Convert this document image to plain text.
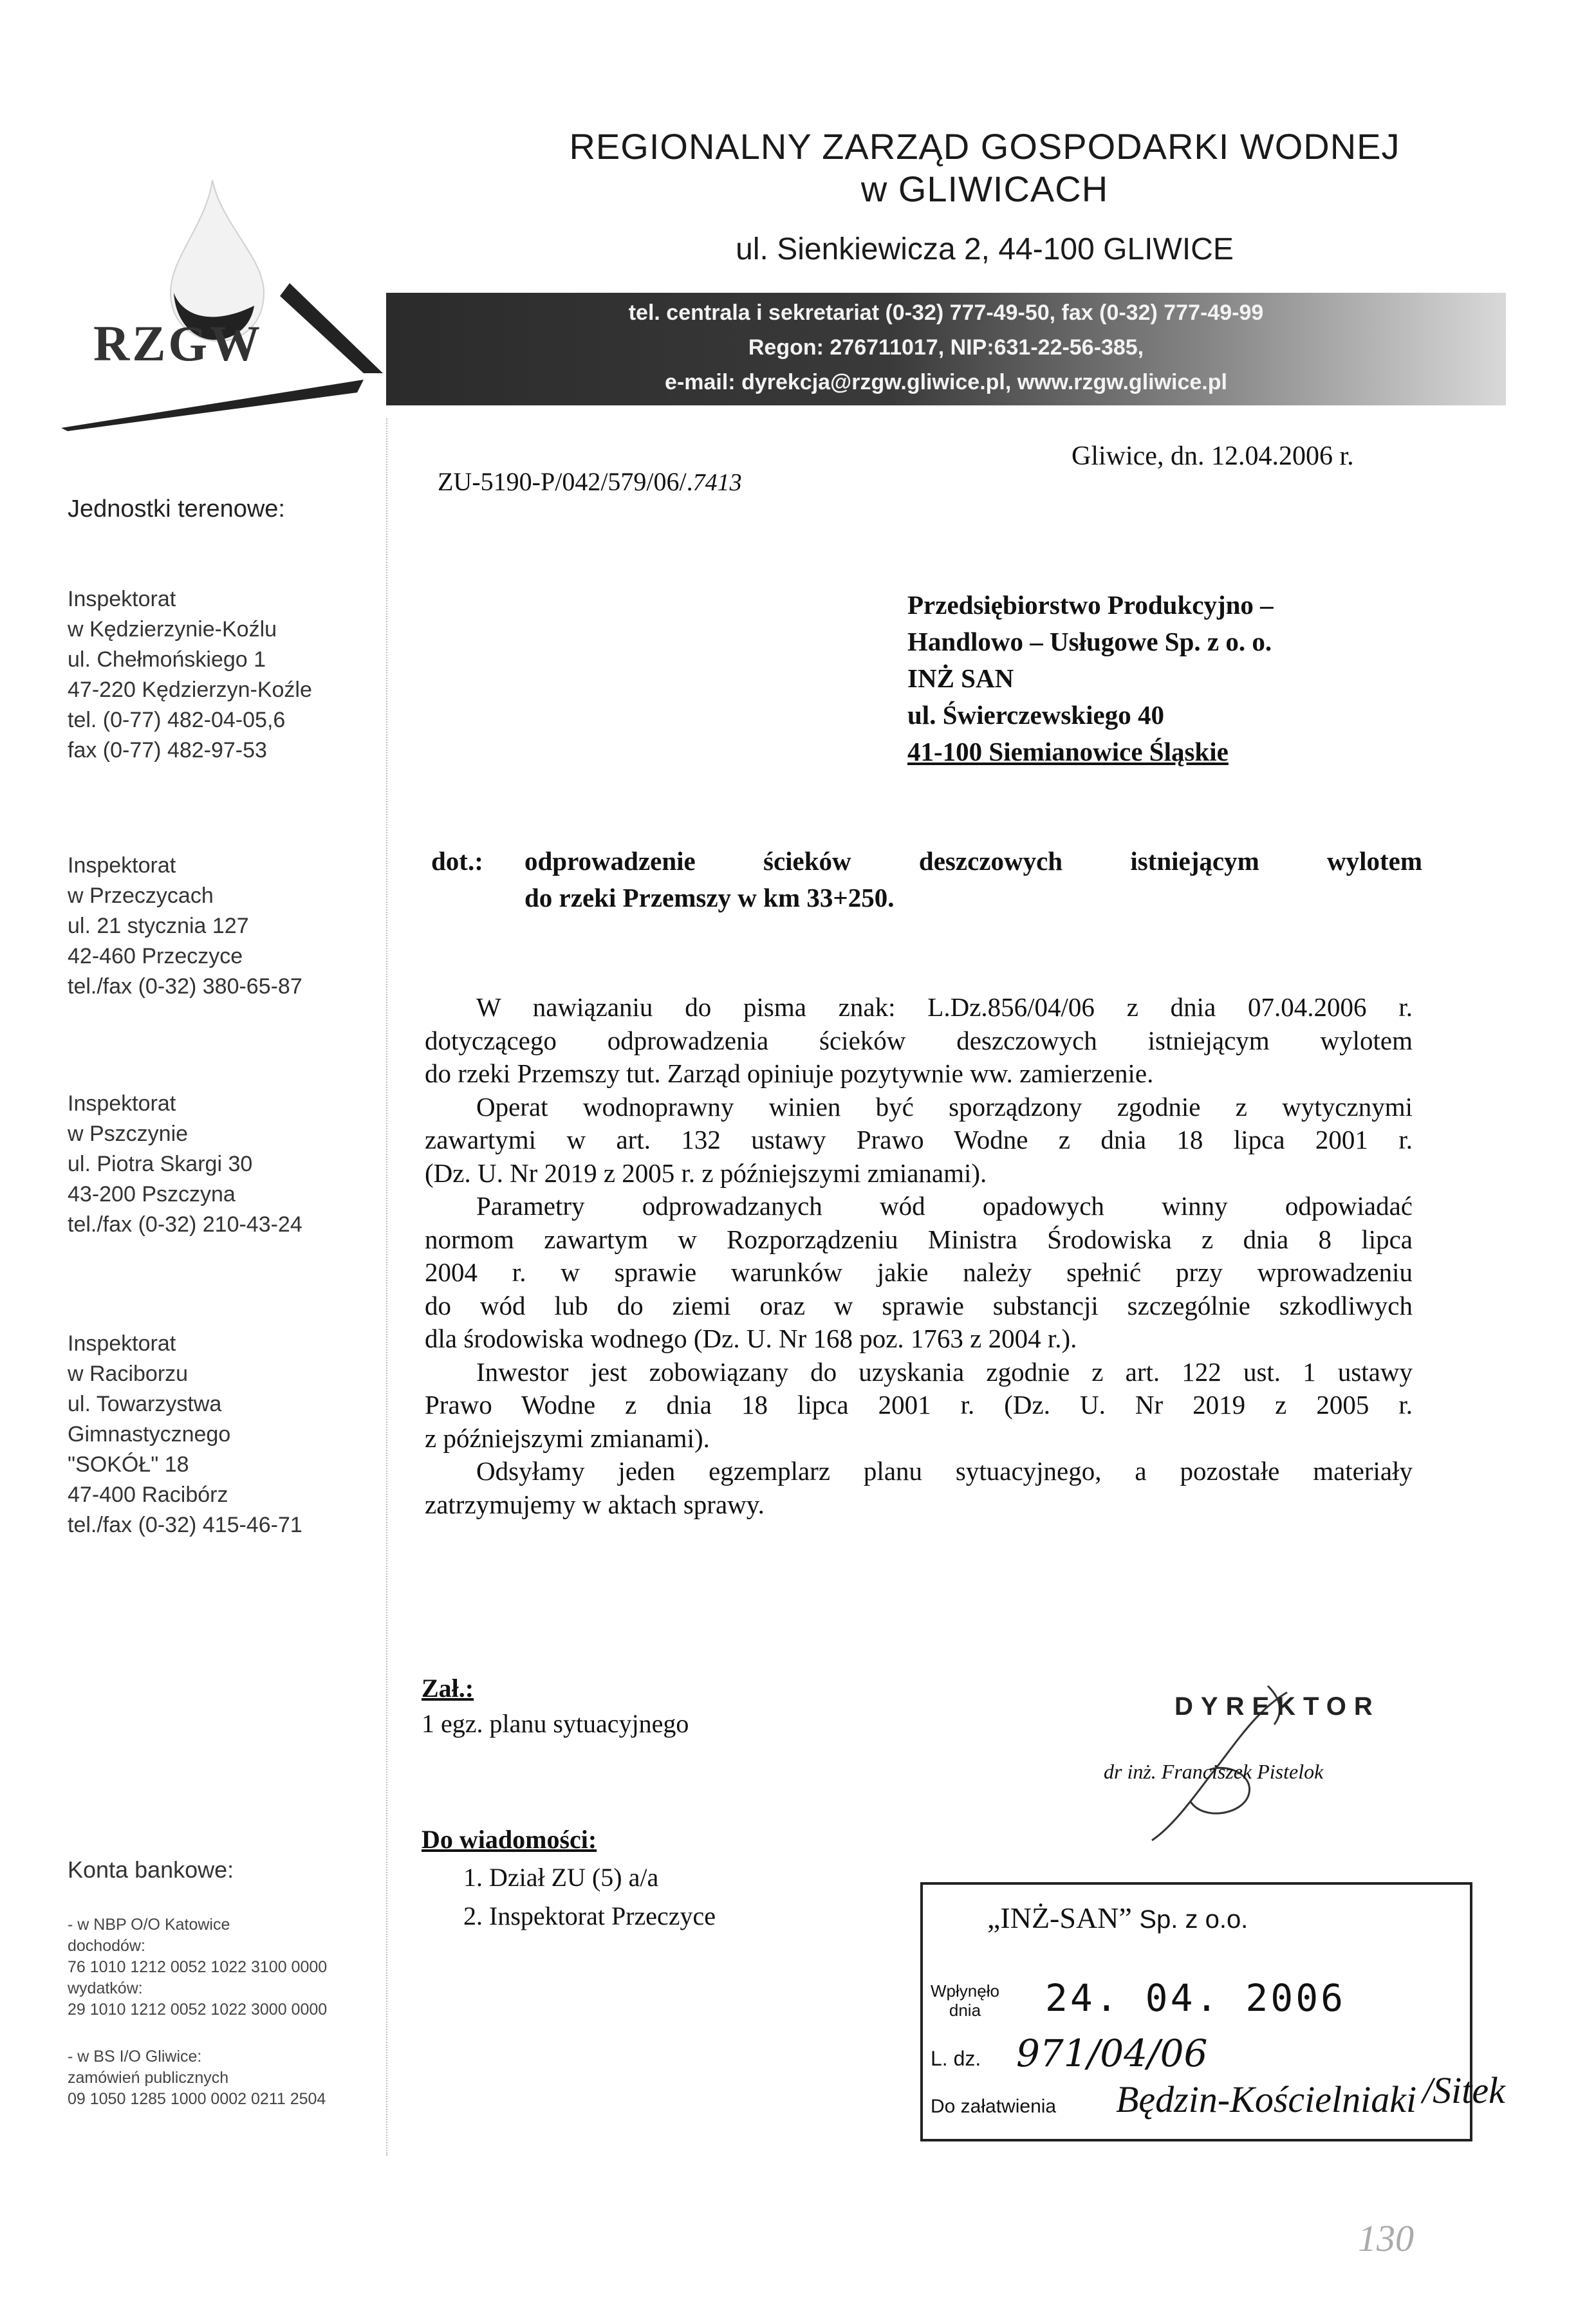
RZGW
REGIONALNY ZARZĄD GOSPODARKI WODNEJ
w GLIWICACH
ul. Sienkiewicza 2, 44-100 GLIWICE
tel. centrala i sekretariat (0-32) 777-49-50, fax (0-32) 777-49-99
Regon: 276711017, NIP:631-22-56-385,
e-mail: dyrekcja@rzgw.gliwice.pl, www.rzgw.gliwice.pl
Jednostki terenowe:
Inspektorat
w Kędzierzynie-Koźlu
ul. Chełmońskiego 1
47-220 Kędzierzyn-Koźle
tel. (0-77) 482-04-05,6
fax (0-77) 482-97-53
Inspektorat
w Przeczycach
ul. 21 stycznia 127
42-460 Przeczyce
tel./fax (0-32) 380-65-87
Inspektorat
w Pszczynie
ul. Piotra Skargi 30
43-200 Pszczyna
tel./fax (0-32) 210-43-24
Inspektorat
w Raciborzu
ul. Towarzystwa
Gimnastycznego
"SOKÓŁ" 18
47-400 Racibórz
tel./fax (0-32) 415-46-71
Konta bankowe:
- w NBP O/O Katowice
dochodów:
76 1010 1212 0052 1022 3100 0000
wydatków:
29 1010 1212 0052 1022 3000 0000
- w BS I/O Gliwice:
zamówień publicznych
09 1050 1285 1000 0002 0211 2504
ZU-5190-P/042/579/06/.7413
Gliwice, dn. 12.04.2006 r.
Przedsiębiorstwo Produkcyjno –
Handlowo – Usługowe Sp. z o. o.
INŻ SAN
ul. Świerczewskiego 40
41-100 Siemianowice Śląskie
dot.: odprowadzenie ścieków deszczowych istniejącym wylotem
do rzeki Przemszy w km 33+250.
W nawiązaniu do pisma znak: L.Dz.856/04/06 z dnia 07.04.2006 r.
dotyczącego odprowadzenia ścieków deszczowych istniejącym wylotem
do rzeki Przemszy tut. Zarząd opiniuje pozytywnie ww. zamierzenie.
Operat wodnoprawny winien być sporządzony zgodnie z wytycznymi
zawartymi w art. 132 ustawy Prawo Wodne z dnia 18 lipca 2001 r.
(Dz. U. Nr 2019 z 2005 r. z późniejszymi zmianami).
Parametry odprowadzanych wód opadowych winny odpowiadać
normom zawartym w Rozporządzeniu Ministra Środowiska z dnia 8 lipca
2004 r. w sprawie warunków jakie należy spełnić przy wprowadzeniu
do wód lub do ziemi oraz w sprawie substancji szczególnie szkodliwych
dla środowiska wodnego (Dz. U. Nr 168 poz. 1763 z 2004 r.).
Inwestor jest zobowiązany do uzyskania zgodnie z art. 122 ust. 1 ustawy
Prawo Wodne z dnia 18 lipca 2001 r. (Dz. U. Nr 2019 z 2005 r.
z późniejszymi zmianami).
Odsyłamy jeden egzemplarz planu sytuacyjnego, a pozostałe materiały
zatrzymujemy w aktach sprawy.
Zał.:
1 egz. planu sytuacyjnego
Do wiadomości:
1. Dział ZU (5) a/a
2. Inspektorat Przeczyce
DYREKTOR
dr inż. Franciszek Pistelok
„INŻ-SAN” Sp. z o.o.
Wpłynęło
dnia	24. 04. 2006
L. dz. 971/04/06
Do załatwienia Będzin-Kościelniaki /Sitek
130
